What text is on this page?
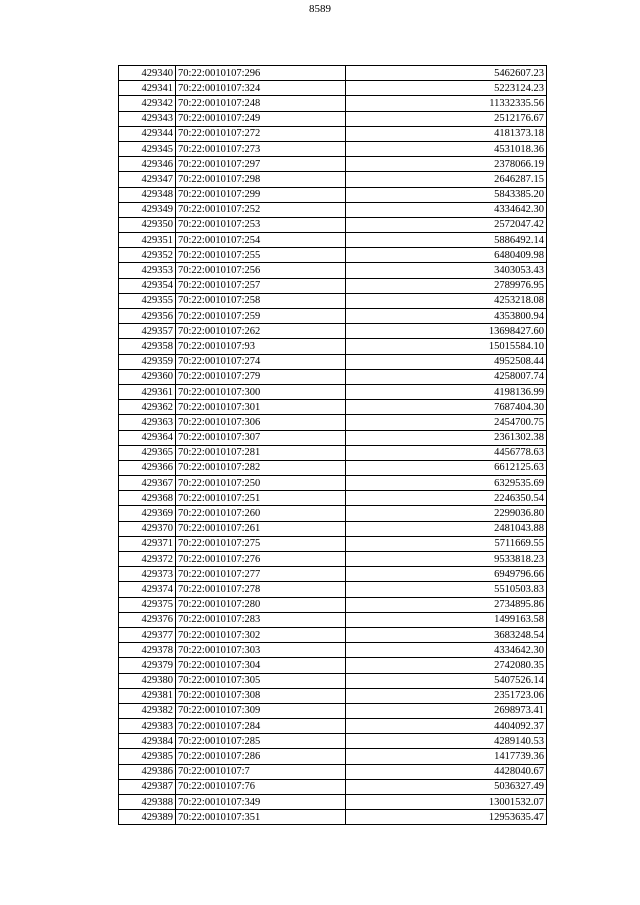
8589
429340	70:22:0010107:296	5462607.23
429341	70:22:0010107:324	5223124.23
429342	70:22:0010107:248	11332335.56
429343	70:22:0010107:249	2512176.67
429344	70:22:0010107:272	4181373.18
429345	70:22:0010107:273	4531018.36
429346	70:22:0010107:297	2378066.19
429347	70:22:0010107:298	2646287.15
429348	70:22:0010107:299	5843385.20
429349	70:22:0010107:252	4334642.30
429350	70:22:0010107:253	2572047.42
429351	70:22:0010107:254	5886492.14
429352	70:22:0010107:255	6480409.98
429353	70:22:0010107:256	3403053.43
429354	70:22:0010107:257	2789976.95
429355	70:22:0010107:258	4253218.08
429356	70:22:0010107:259	4353800.94
429357	70:22:0010107:262	13698427.60
429358	70:22:0010107:93	15015584.10
429359	70:22:0010107:274	4952508.44
429360	70:22:0010107:279	4258007.74
429361	70:22:0010107:300	4198136.99
429362	70:22:0010107:301	7687404.30
429363	70:22:0010107:306	2454700.75
429364	70:22:0010107:307	2361302.38
429365	70:22:0010107:281	4456778.63
429366	70:22:0010107:282	6612125.63
429367	70:22:0010107:250	6329535.69
429368	70:22:0010107:251	2246350.54
429369	70:22:0010107:260	2299036.80
429370	70:22:0010107:261	2481043.88
429371	70:22:0010107:275	5711669.55
429372	70:22:0010107:276	9533818.23
429373	70:22:0010107:277	6949796.66
429374	70:22:0010107:278	5510503.83
429375	70:22:0010107:280	2734895.86
429376	70:22:0010107:283	1499163.58
429377	70:22:0010107:302	3683248.54
429378	70:22:0010107:303	4334642.30
429379	70:22:0010107:304	2742080.35
429380	70:22:0010107:305	5407526.14
429381	70:22:0010107:308	2351723.06
429382	70:22:0010107:309	2698973.41
429383	70:22:0010107:284	4404092.37
429384	70:22:0010107:285	4289140.53
429385	70:22:0010107:286	1417739.36
429386	70:22:0010107:7	4428040.67
429387	70:22:0010107:76	5036327.49
429388	70:22:0010107:349	13001532.07
429389	70:22:0010107:351	12953635.47
